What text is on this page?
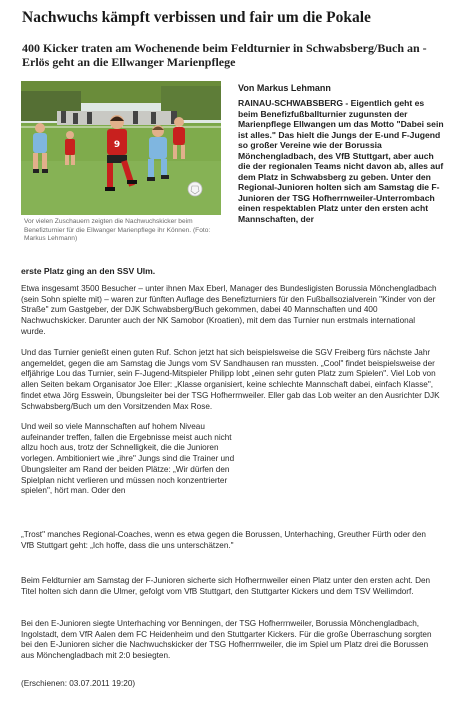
Nachwuchs kämpft verbissen und fair um die Pokale

400 Kicker traten am Wochenende beim Feldturnier in Schwabsberg/Buch an - Erlös geht an die Ellwanger Marienpflege

9
Vor vielen Zuschauern zeigten die Nachwuchskicker beim Benefizturnier für die Ellwanger Marienpflege ihr Können. (Foto: Markus Lehmann)
Von Markus Lehmann
RAINAU-SCHWABSBERG - Eigentlich geht es beim Benefizfußballturnier zugunsten der Marienpflege Ellwangen um das Motto "Dabei sein ist alles." Das hielt die Jungs der E-und F-Jugend so großer Vereine wie der Borussia Mönchengladbach, des VfB Stuttgart, aber auch die der regionalen Teams nicht davon ab, alles auf dem Platz in Schwabsberg zu geben. Unter den Regional-Junioren holten sich am Samstag die F-Junioren der TSG Hofherrnweiler-Unterrombach einen respektablen Platz unter den ersten acht Mannschaften, der
erste Platz ging an den SSV Ulm.

Etwa insgesamt 3500 Besucher – unter ihnen Max Eberl, Manager des Bundesligisten Borussia Mönchengladbach (sein Sohn spielte mit) – waren zur fünften Auflage des Benefizturniers für den Fußballsozialverein "Kinder von der Straße" zum Gastgeber, der DJK Schwabsberg/Buch gekommen, dabei 40 Mannschaften und 400 Nachwuchskicker. Darunter auch der NK Samobor (Kroatien), mit dem das Turnier nun erstmals international wurde.

Und das Turnier genießt einen guten Ruf. Schon jetzt hat sich beispielsweise die SGV Freiberg fürs nächste Jahr angemeldet, gegen die am Samstag die Jungs vom SV Sandhausen ran mussten. „Cool" findet beispielsweise der elfjährige Lou das Turnier, sein F-Jugend-Mitspieler Philipp lobt „einen sehr guten Platz zum Spielen". Viel Lob von allen Seiten bekam Organisator Joe Eller: „Klasse organisiert, keine schlechte Mannschaft dabei, einfach Klasse", findet etwa Jörg Esswein, Übungsleiter bei der TSG Hofherrnweiler. Eller gab das Lob weiter an den Ausrichter DJK Schwabsberg/Buch um den Vorsitzenden Max Rose.

Und weil so viele Mannschaften auf hohem Niveau aufeinander treffen, fallen die Ergebnisse meist auch nicht allzu hoch aus, trotz der Schnelligkeit, die die Junioren vorlegen. Ambitioniert wie „ihre" Jungs sind die Trainer und Übungsleiter am Rand der beiden Plätze: „Wir dürfen den Spielplan nicht verlieren und müssen noch konzentrierter spielen", hört man. Oder den

„Trost" manches Regional-Coaches, wenn es etwa gegen die Borussen, Unterhaching, Greuther Fürth oder den VfB Stuttgart geht: „Ich hoffe, dass die uns unterschätzen."

Beim Feldturnier am Samstag der F-Junioren sicherte sich Hofherrnweiler einen Platz unter den ersten acht. Den Titel holten sich dann die Ulmer, gefolgt vom VfB Stuttgart, den Stuttgarter Kickers und dem TSV Weilimdorf.

Bei den E-Junioren siegte Unterhaching vor Benningen, der TSG Hofherrnweiler, Borussia Mönchengladbach, Ingolstadt, dem VfR Aalen dem FC Heidenheim und den Stuttgarter Kickers. Für die große Überraschung sorgten bei den E-Junioren sicher die Nachwuchskicker der TSG Hofherrnweiler, die im Spiel um Platz drei die Borussen aus Mönchengladbach mit 2:0 besiegten.

(Erschienen: 03.07.2011 19:20)
